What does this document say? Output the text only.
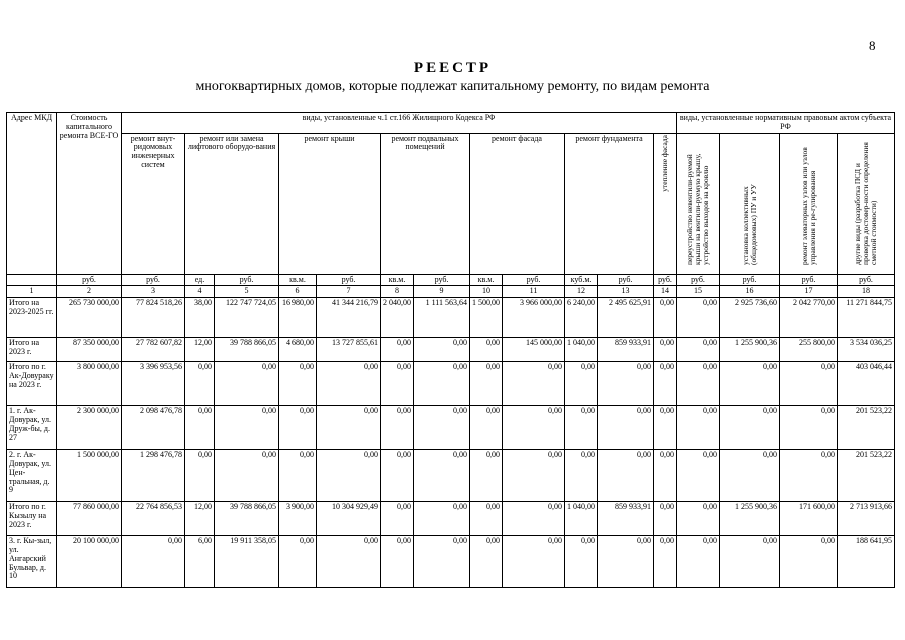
8
РЕЕСТР
многоквартирных домов, которые подлежат капитальному ремонту, по видам ремонта
Адрес МКД	Стоимость капитального ремонта ВСЕ-ГО	виды, установленные ч.1 ст.166 Жилищного Кодекса РФ												виды, установленные нормативным правовым актом субъекта РФ			
		ремонт внут-ридомовых инженерных систем	ремонт или замена лифтового оборудо-вания		ремонт крыши		ремонт подвальных помещений		ремонт фасада		ремонт фундамента		утепление фасада	переустройство невентили-руемой крыши на вентили-руемую крышу, устройство выходов на кровлю	установка коллективных (общедомовых) ПУ и УУ	ремонт элеваторных узлов или узлов управления и ре-гулирования	
																	другие виды (разработка ПСД и проверка достовер-ности определения сметной стоимости)
	руб.	руб.	ед.	руб.	кв.м.	руб.	кв.м.	руб.	кв.м.	руб.	куб.м.	руб.	руб.	руб.	руб.	руб.	руб.
1	2	3	4	5	6	7	8	9	10	11	12	13	14	15	16	17	18
Итого на 2023-2025 гг.	265 730 000,00	77 824 518,26	38,00	122 747 724,05	16 980,00	41 344 216,79	2 040,00	1 111 563,64	1 500,00	3 966 000,00	6 240,00	2 495 625,91	0,00	0,00	2 925 736,60	2 042 770,00	11 271 844,75
Итого на 2023 г.	87 350 000,00	27 782 607,82	12,00	39 788 866,05	4 680,00	13 727 855,61	0,00	0,00	0,00	145 000,00	1 040,00	859 933,91	0,00	0,00	1 255 900,36	255 800,00	3 534 036,25
Итого по г. Ак-Довураку на 2023 г.	3 800 000,00	3 396 953,56	0,00	0,00	0,00	0,00	0,00	0,00	0,00	0,00	0,00	0,00	0,00	0,00	0,00	0,00	403 046,44
1. г. Ак-Довурак, ул. Друж-бы, д. 27	2 300 000,00	2 098 476,78	0,00	0,00	0,00	0,00	0,00	0,00	0,00	0,00	0,00	0,00	0,00	0,00	0,00	0,00	201 523,22
2. г. Ак-Довурак, ул. Цен-тральная, д. 9	1 500 000,00	1 298 476,78	0,00	0,00	0,00	0,00	0,00	0,00	0,00	0,00	0,00	0,00	0,00	0,00	0,00	0,00	201 523,22
Итого по г. Кызылу на 2023 г.	77 860 000,00	22 764 856,53	12,00	39 788 866,05	3 900,00	10 304 929,49	0,00	0,00	0,00	0,00	1 040,00	859 933,91	0,00	0,00	1 255 900,36	171 600,00	2 713 913,66
3. г. Кы-зыл, ул. Ангарский Бульвар, д. 10	20 100 000,00	0,00	6,00	19 911 358,05	0,00	0,00	0,00	0,00	0,00	0,00	0,00	0,00	0,00	0,00	0,00	0,00	188 641,95
